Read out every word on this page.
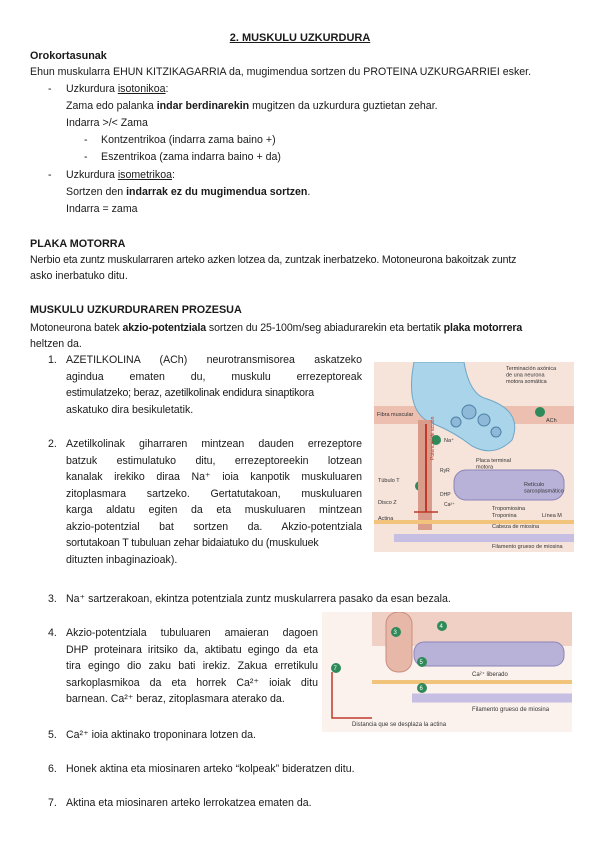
2. MUSKULU UZKURDURA

Orokortasunak

Ehun muskularra EHUN KITZIKAGARRIA da, mugimendua sortzen du PROTEINA UZKURGARRIEI esker.

- Uzkurdura isotonikoa:

Zama edo palanka indar berdinarekin mugitzen da uzkurdura guztietan zehar.

Indarra >/< Zama

- Kontzentrikoa (indarra zama baino +)

- Eszentrikoa (zama indarra baino + da)

- Uzkurdura isometrikoa:

Sortzen den indarrak ez du mugimendua sortzen.

Indarra = zama

PLAKA MOTORRA

Nerbio eta zuntz muskularraren arteko azken lotzea da, zuntzak inerbatzeko. Motoneurona bakoitzak zuntz

asko inerbatuko ditu.

MUSKULU UZKURDURAREN PROZESUA

Motoneurona batek akzio-potentziala sortzen du 25-100m/seg abiadurarekin eta bertatik plaka motorrera

heltzen da.

1. AZETILKOLINA (ACh) neurotransmisorea askatzeko
agindua ematen du, muskulu errezeptoreak
estimulatzeko; beraz, azetilkolinak endidura sinaptikora
askatuko dira besikuletatik.
2. Azetilkolinak giharraren mintzean dauden errezeptore
batzuk estimulatuko ditu, errezeptoreekin lotzean
kanalak irekiko diraa Na⁺ ioia kanpotik muskuluaren
zitoplasmara sartzeko. Gertatutakoan, muskuluaren
karga aldatu egiten da eta muskuluaren mintzean
akzio-potentzial bat sortzen da. Akzio-potentziala
sortutakoan T tubuluan zehar bidaiatuko du (muskuluek
dituzten inbaginazioak).
3. Na⁺ sartzerakoan, ekintza potentziala zuntz muskularrera pasako da esan bezala.

4. Akzio-potentziala tubuluaren amaieran dagoen
DHP proteinara iritsiko da, aktibatu egingo da eta
tira egingo dio zaku bati irekiz. Zakua erretikulu
sarkoplasmikoa da eta horrek Ca²⁺ ioiak ditu
barnean. Ca²⁺ beraz, zitoplasmara aterako da.
5. Ca²⁺ ioia aktinako troponinara lotzen da.

6. Honek aktina eta miosinaren arteko “kolpeak” bideratzen ditu.

7. Aktina eta miosinaren arteko lerrokatzea ematen da.

Terminación axónica de una neurona motora somática
Fibra muscular
ACh
Na⁺
Placa terminal motora
Túbulo T
Disco Z
Retículo sarcoplasmático
Actina
Tropomiosina
Troponina	Línea M
Cabeza de miosina
Filamento grueso de miosina
Potencial de acción
RyR
DHP
Ca²⁺
3
4
5
6
7
Ca²⁺ liberado
Filamento grueso de miosina
Distancia que se desplaza la actina
